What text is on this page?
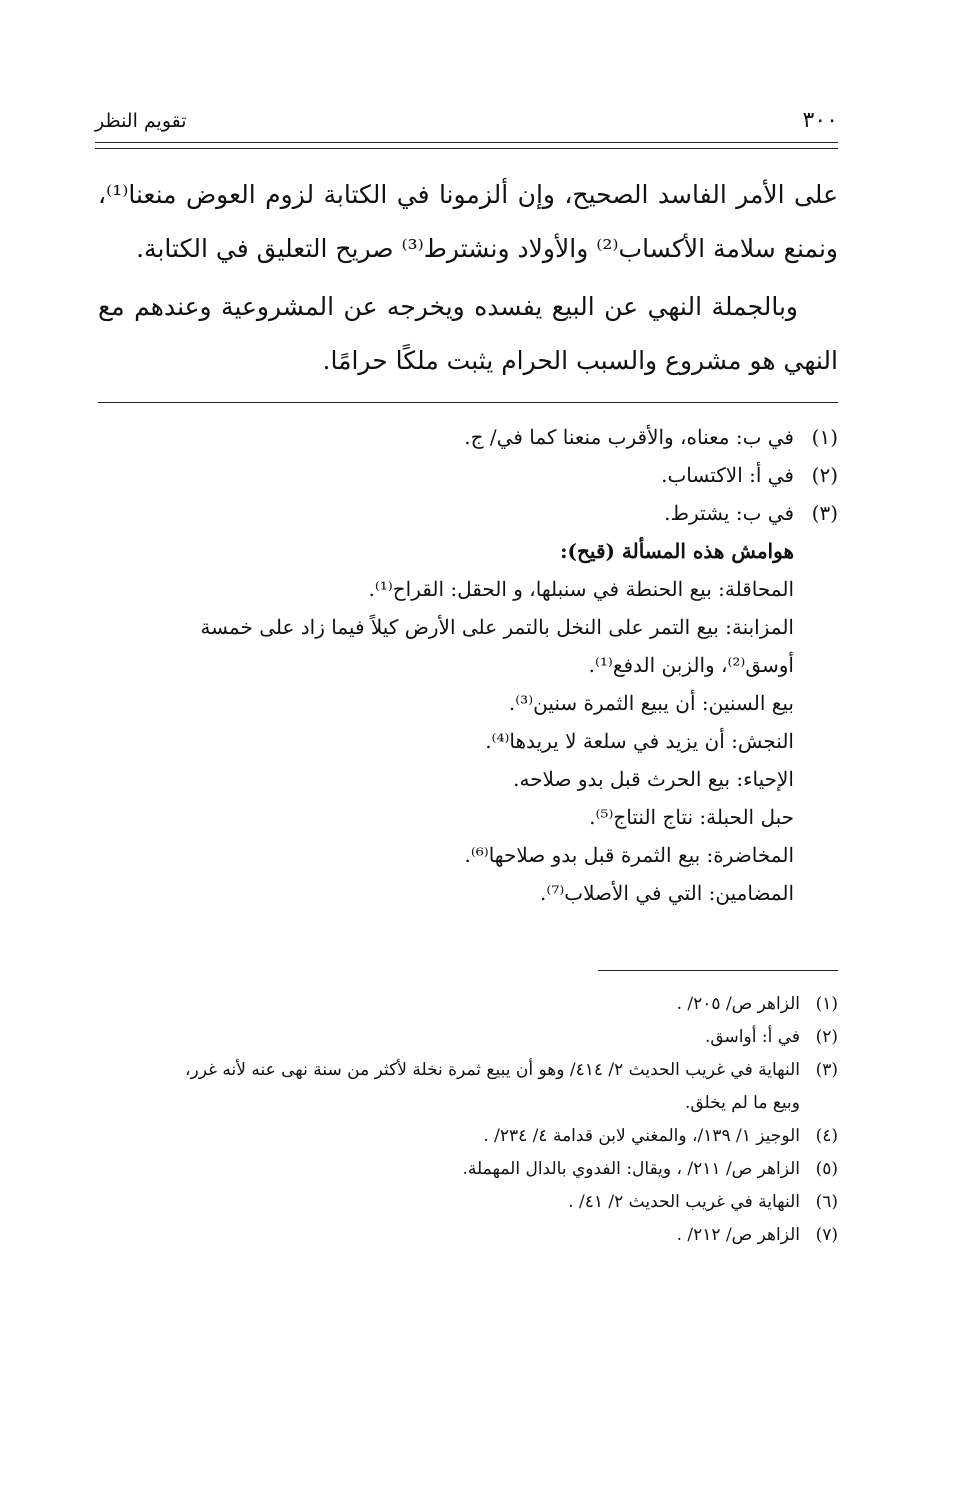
٣٠٠
تقويم النظر

على الأمر الفاسد الصحيح، وإن ألزمونا في الكتابة لزوم العوض منعنا⁽¹⁾، ونمنع سلامة الأكساب⁽²⁾ والأولاد ونشترط⁽³⁾ صريح التعليق في الكتابة.

وبالجملة النهي عن البيع يفسده ويخرجه عن المشروعية وعندهم مع النهي هو مشروع والسبب الحرام يثبت ملكًا حرامًا.

(١)في ب: معناه، والأقرب منعنا كما في/ ج.
(٢)في أ: الاكتساب.
(٣)في ب: يشترط.
هوامش هذه المسألة (قيح):
المحاقلة: بيع الحنطة في سنبلها، و الحقل: القراح⁽¹⁾.
المزابنة: بيع التمر على النخل بالتمر على الأرض كيلاً فيما زاد على خمسة
أوسق⁽²⁾، والزبن الدفع⁽¹⁾.
بيع السنين: أن يبيع الثمرة سنين⁽³⁾.
النجش: أن يزيد في سلعة لا يريدها⁽⁴⁾.
الإحياء: بيع الحرث قبل بدو صلاحه.
حبل الحبلة: نتاج النتاج⁽⁵⁾.
المخاضرة: بيع الثمرة قبل بدو صلاحها⁽⁶⁾.
المضامين: التي في الأصلاب⁽⁷⁾.
(١)الزاهر ص/ ٢٠٥/ .
(٢)في أ: أواسق.
(٣)النهاية في غريب الحديث ٢/ ٤١٤/ وهو أن يبيع ثمرة نخلة لأكثر من سنة نهى عنه لأنه غرر،
وبيع ما لم يخلق.
(٤)الوجيز ١/ ١٣٩/، والمغني لابن قدامة ٤/ ٢٣٤/ .
(٥)الزاهر ص/ ٢١١/ ، ويقال: الفدوي بالدال المهملة.
(٦)النهاية في غريب الحديث ٢/ ٤١/ .
(٧)الزاهر ص/ ٢١٢/ .
